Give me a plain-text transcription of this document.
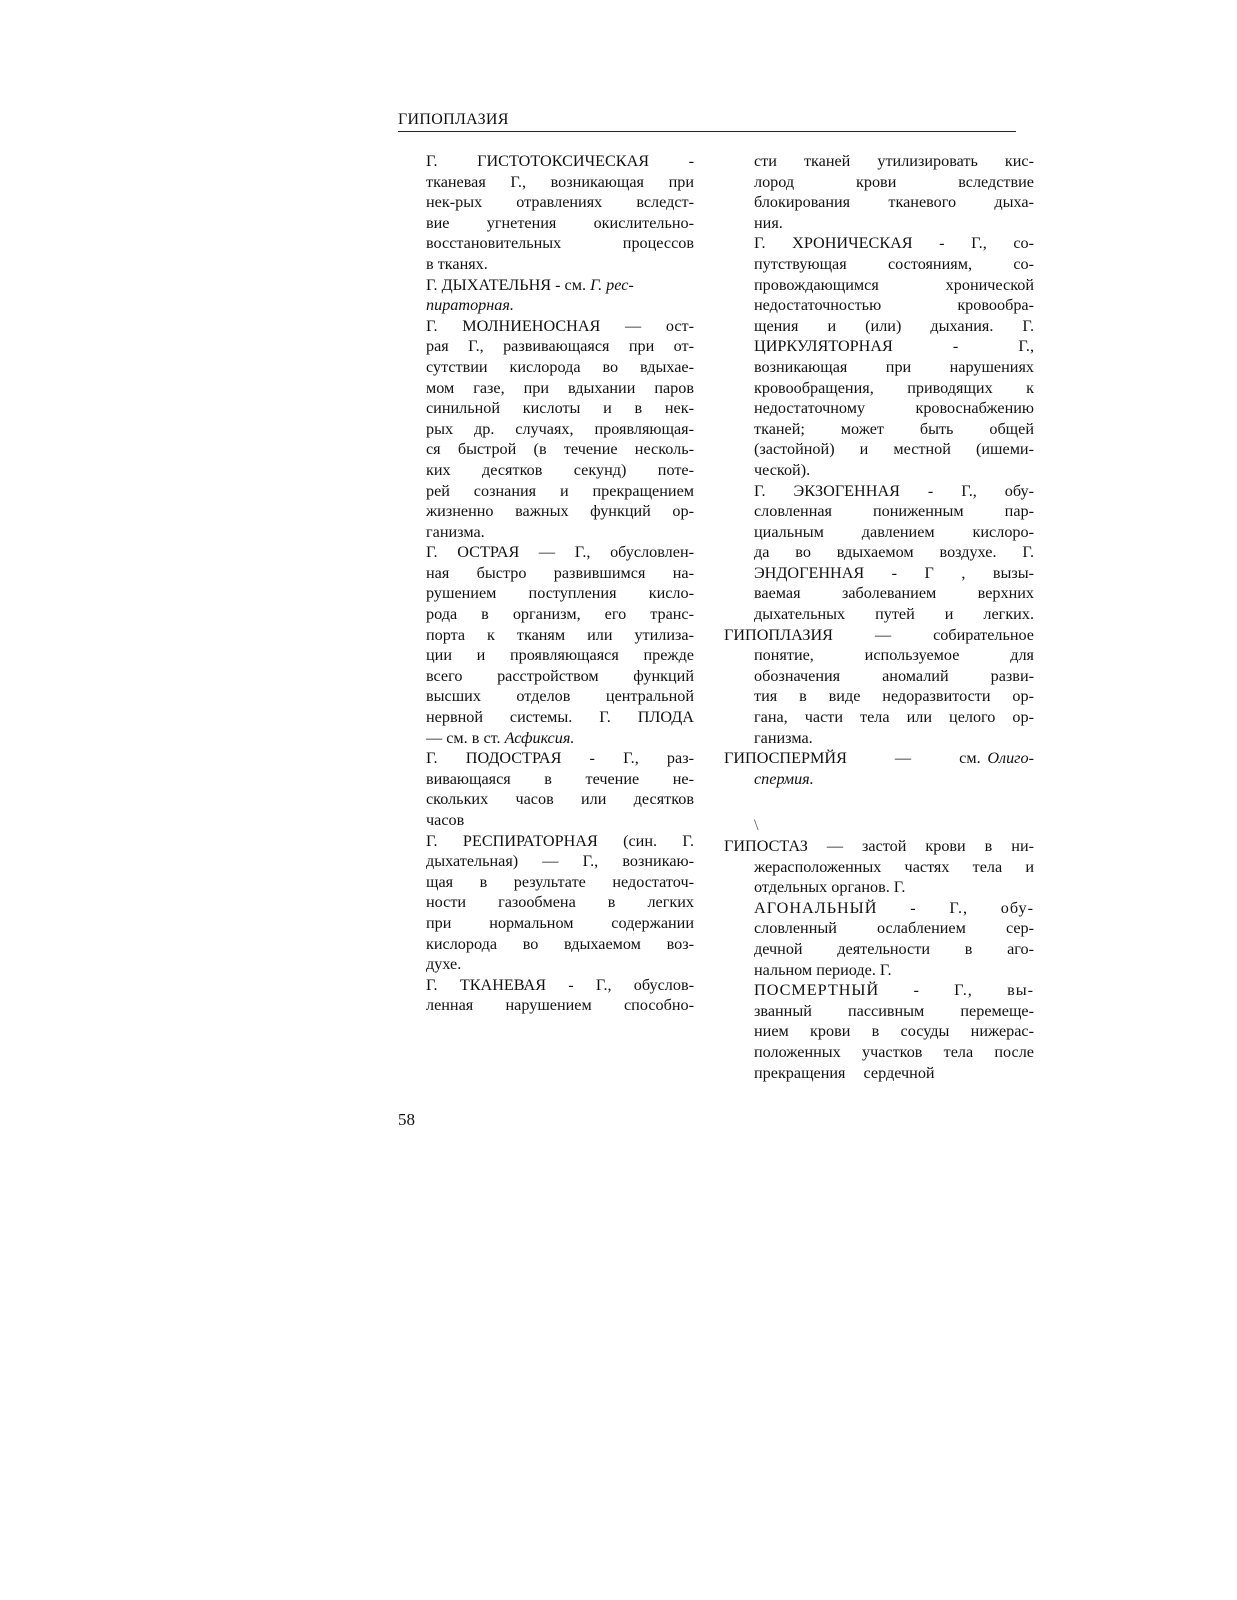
ГИПОПЛАЗИЯ
Г. ГИСТОТОКСИЧЕСКАЯ -
тканевая Г., возникающая при
нек-рых отравлениях вследст-
вие угнетения окислительно-
восстановительных процессов
в тканях.
Г. ДЫХАТЕЛЬНЯ - см. Г. рес-
пираторная.
Г. МОЛНИЕНОСНАЯ — ост-
рая Г., развивающаяся при от-
сутствии кислорода во вдыхае-
мом газе, при вдыхании паров
синильной кислоты и в нек-
рых др. случаях, проявляющая-
ся быстрой (в течение несколь-
ких десятков секунд) поте-
рей сознания и прекращением
жизненно важных функций ор-
ганизма.
Г. ОСТРАЯ — Г., обусловлен-
ная быстро развившимся на-
рушением поступления кисло-
рода в организм, его транс-
порта к тканям или утилиза-
ции и проявляющаяся прежде
всего расстройством функций
высших отделов центральной
нервной системы. Г. ПЛОДА
— см. в ст. Асфиксия.
Г. ПОДОСТРАЯ - Г., раз-
вивающаяся в течение не-
скольких часов или десятков
часов
Г. РЕСПИРАТОРНАЯ (син. Г.
дыхательная) — Г., возникаю-
щая в результате недостаточ-
ности газообмена в легких
при нормальном содержании
кислорода во вдыхаемом воз-
духе.
Г. ТКАНЕВАЯ - Г., обуслов-
ленная нарушением способно-
сти тканей утилизировать кис-
лород крови вследствие
блокирования тканевого дыха-
ния.
Г. ХРОНИЧЕСКАЯ - Г., со-
путствующая состояниям, со-
провождающимся хронической
недостаточностью кровообра-
щения и (или) дыхания. Г.
ЦИРКУЛЯТОРНАЯ - Г.,
возникающая при нарушениях
кровообращения, приводящих к
недостаточному кровоснабжению
тканей; может быть общей
(застойной) и местной (ишеми-
ческой).
Г. ЭКЗОГЕННАЯ - Г., обу-
словленная пониженным пар-
циальным давлением кислоро-
да во вдыхаемом воздухе. Г.
ЭНДОГЕННАЯ - Г , вызы-
ваемая заболеванием верхних
дыхательных путей и легких.
ГИПОПЛАЗИЯ — собирательное
понятие, используемое для
обозначения аномалий разви-
тия в виде недоразвитости ор-
гана, части тела или целого ор-
ганизма.
ГИПОСПЕРМЙЯ — см. Олиго-
спермия.
\
ГИПОСТАЗ — застой крови в ни-
жерасположенных частях тела и
отдельных органов. Г.
АГОНАЛЬНЫЙ - Г., обу-
словленный ослаблением сер-
дечной деятельности в аго-
нальном периоде. Г.
ПОСМЕРТНЫЙ - Г., вы-
званный пассивным перемеще-
нием крови в сосуды нижерас-
положенных участков тела после
прекращения сердечной
58
